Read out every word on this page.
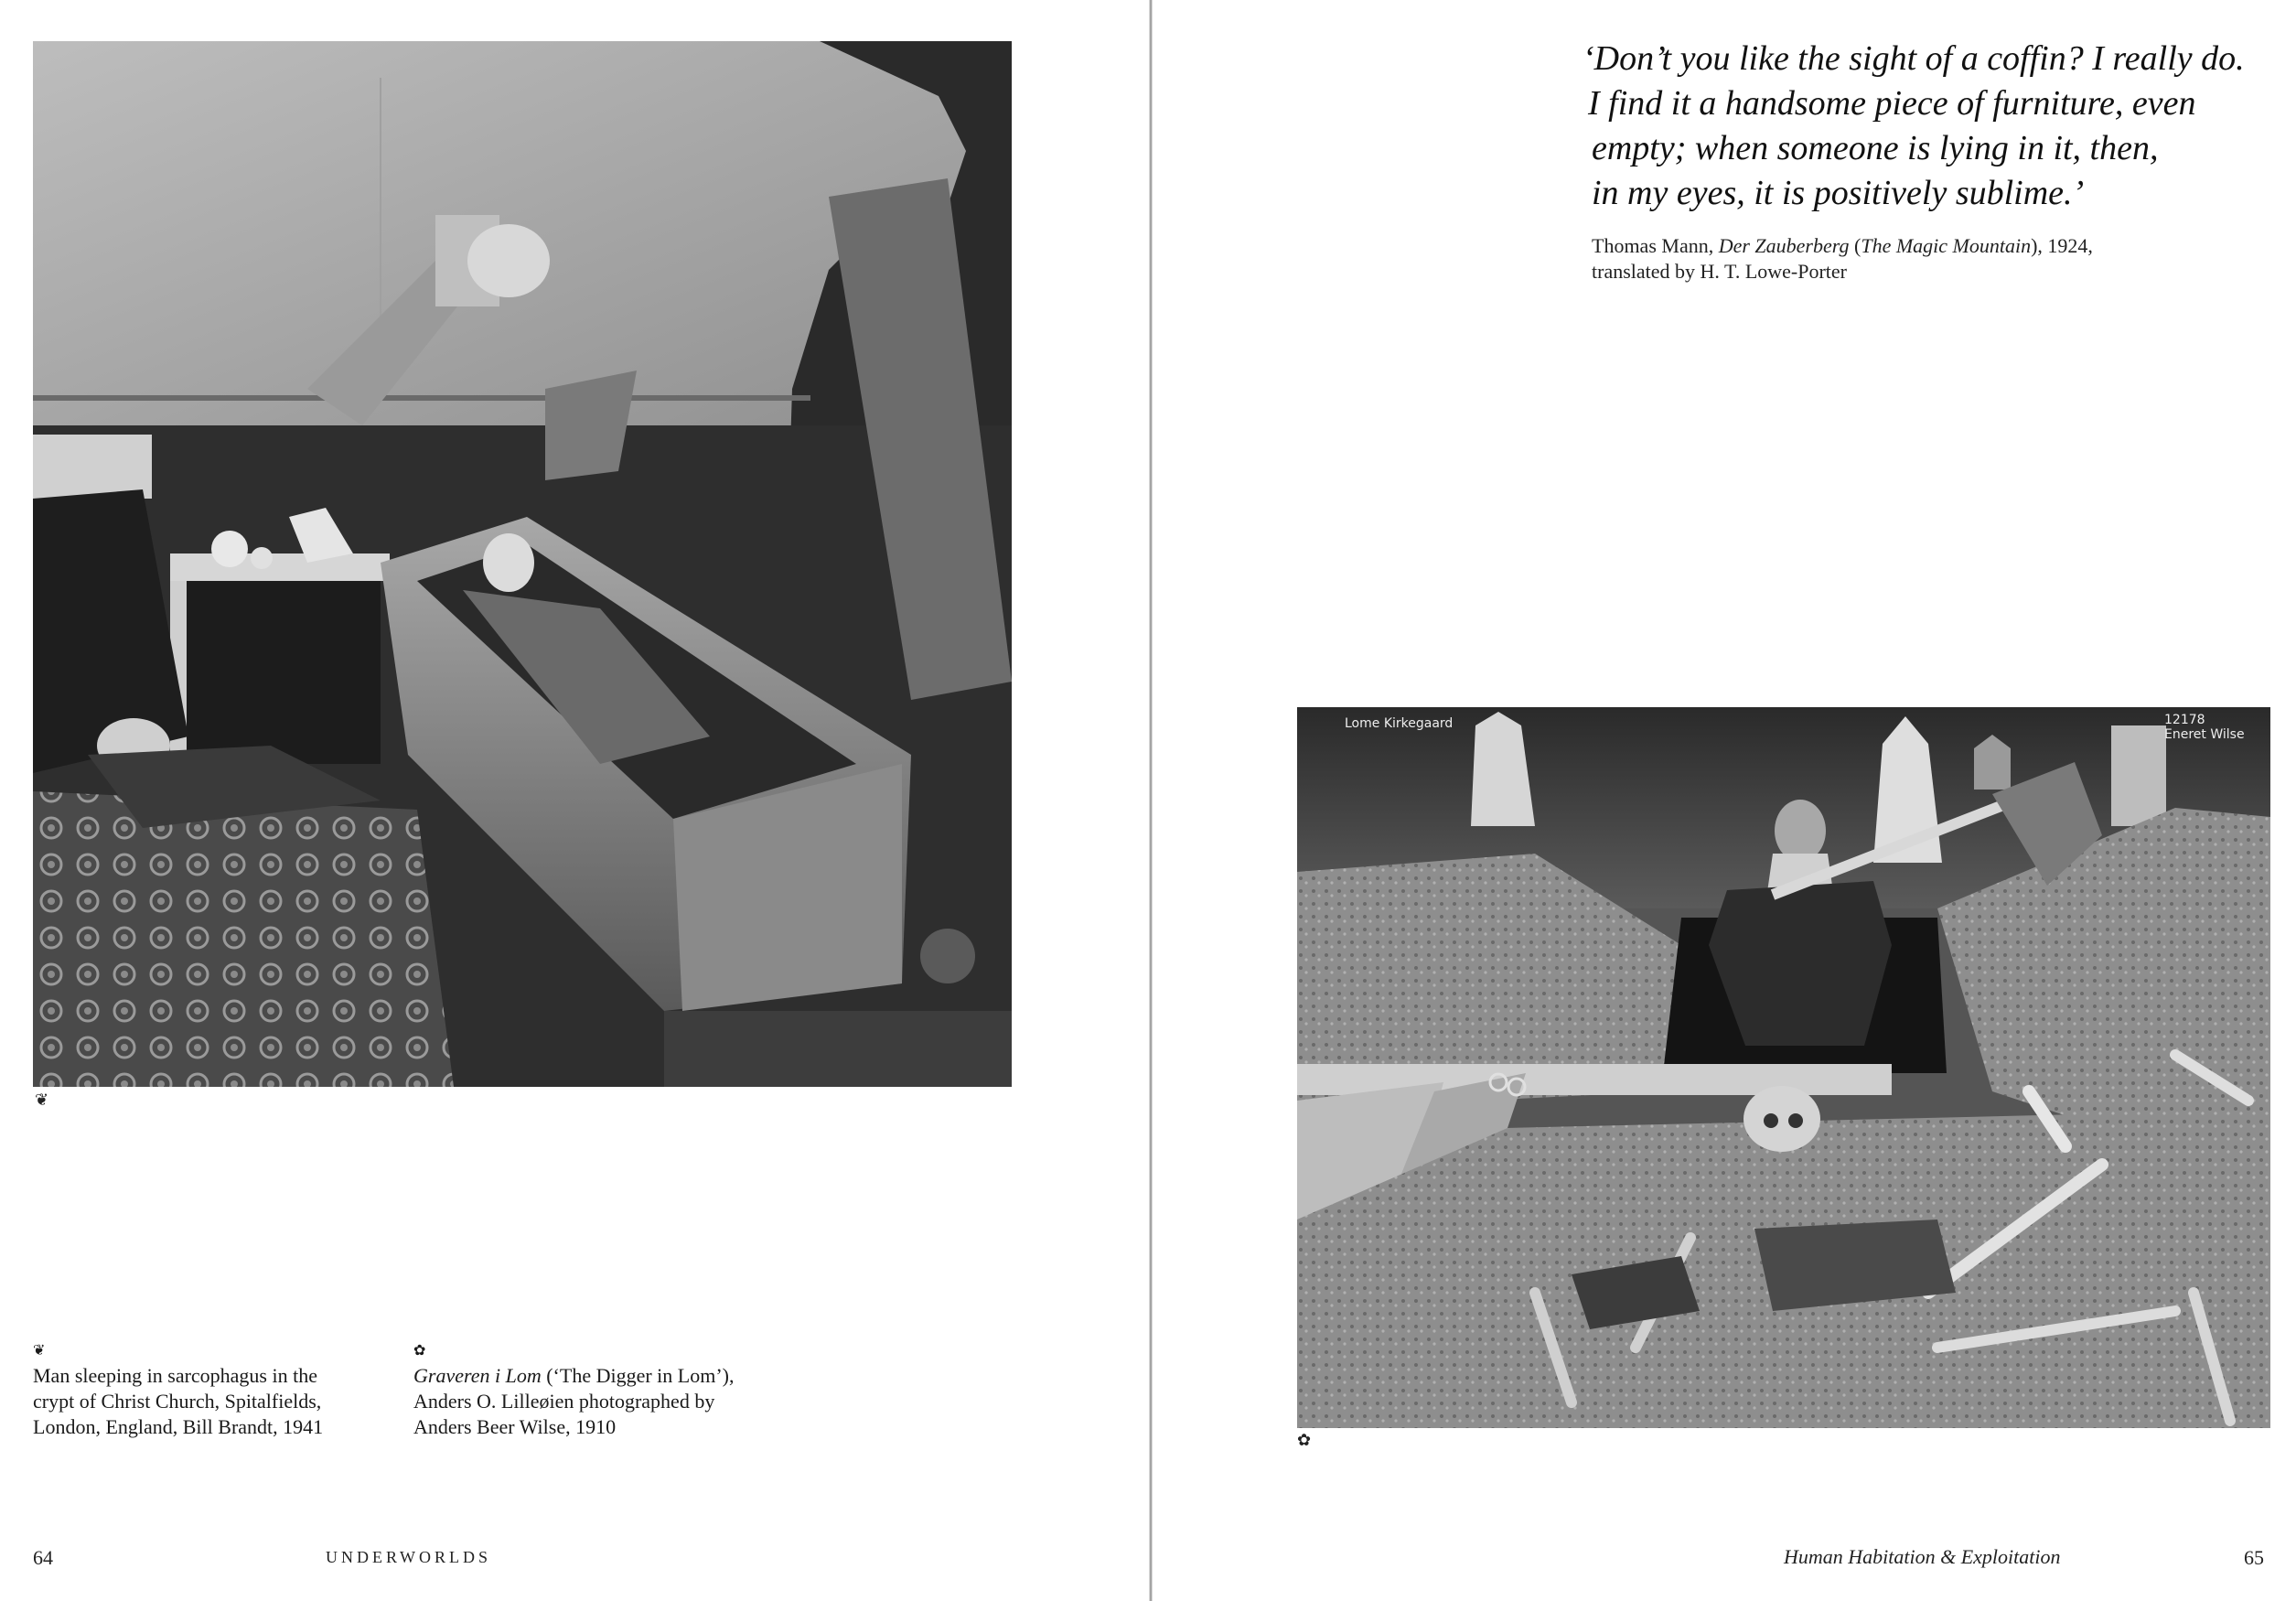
❦
❦
Man sleeping in sarcophagus in the
crypt of Christ Church, Spitalfields,
London, England, Bill Brandt, 1941
✿
Graveren i Lom (‘The Digger in Lom’),
Anders O. Lilleøien photographed by
Anders Beer Wilse, 1910
64	UNDERWORLDS
‘Don’t you like the sight of a coffin? I really do.
I find it a handsome piece of furniture, even
empty; when someone is lying in it, then,
in my eyes, it is positively sublime.’
Thomas Mann, Der Zauberberg (The Magic Mountain), 1924,
translated by H. T. Lowe-Porter
Lome Kirkegaard	12178
Eneret Wilse
✿
Human Habitation & Exploitation	65
